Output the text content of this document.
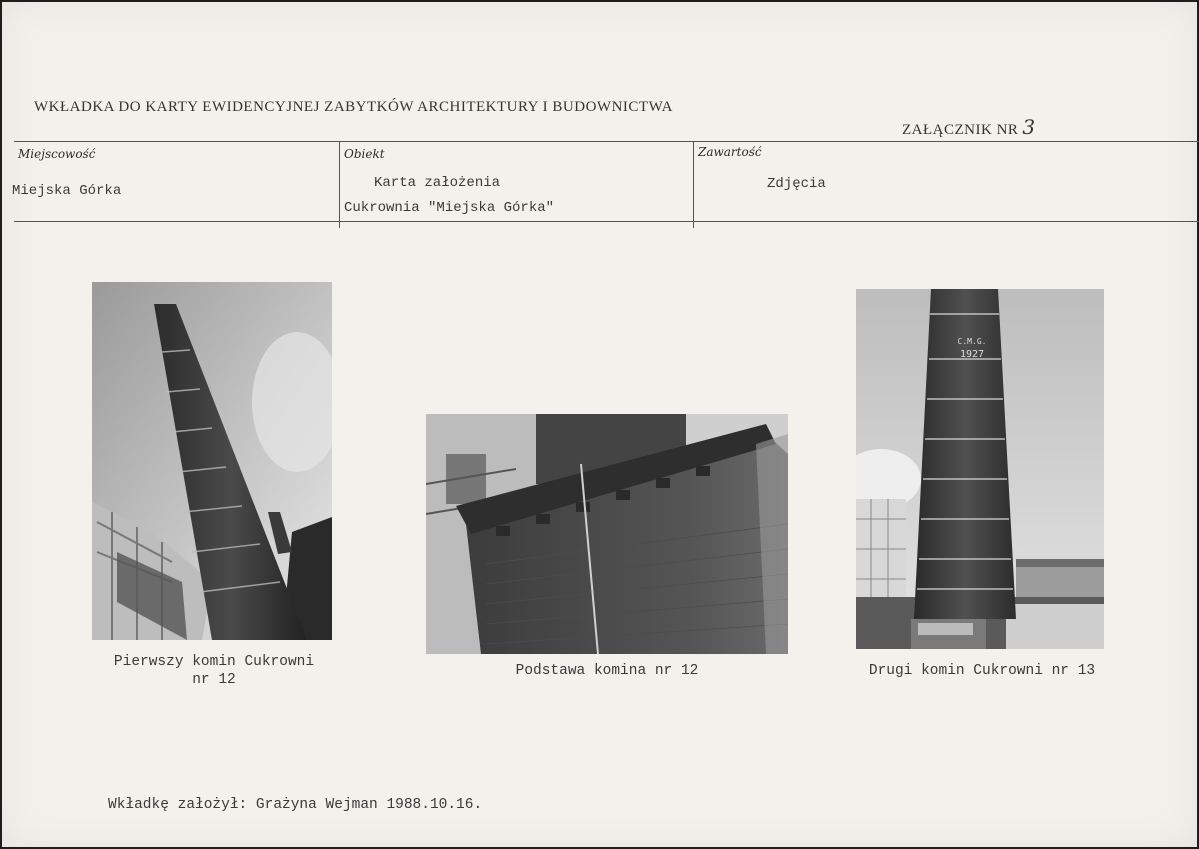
WKŁADKA DO KARTY EWIDENCYJNEJ ZABYTKÓW ARCHITEKTURY I BUDOWNICTWA
ZAŁĄCZNIK NR 3
Miejscowość
Miejska Górka
Obiekt
Karta założenia
Cukrownia "Miejska Górka"
Zawartość
Zdjęcia
C.M.G.
1927
Pierwszy komin Cukrowni
nr 12
Podstawa komina nr 12	Drugi komin Cukrowni nr 13
Wkładkę założył: Grażyna Wejman 1988.10.16.
